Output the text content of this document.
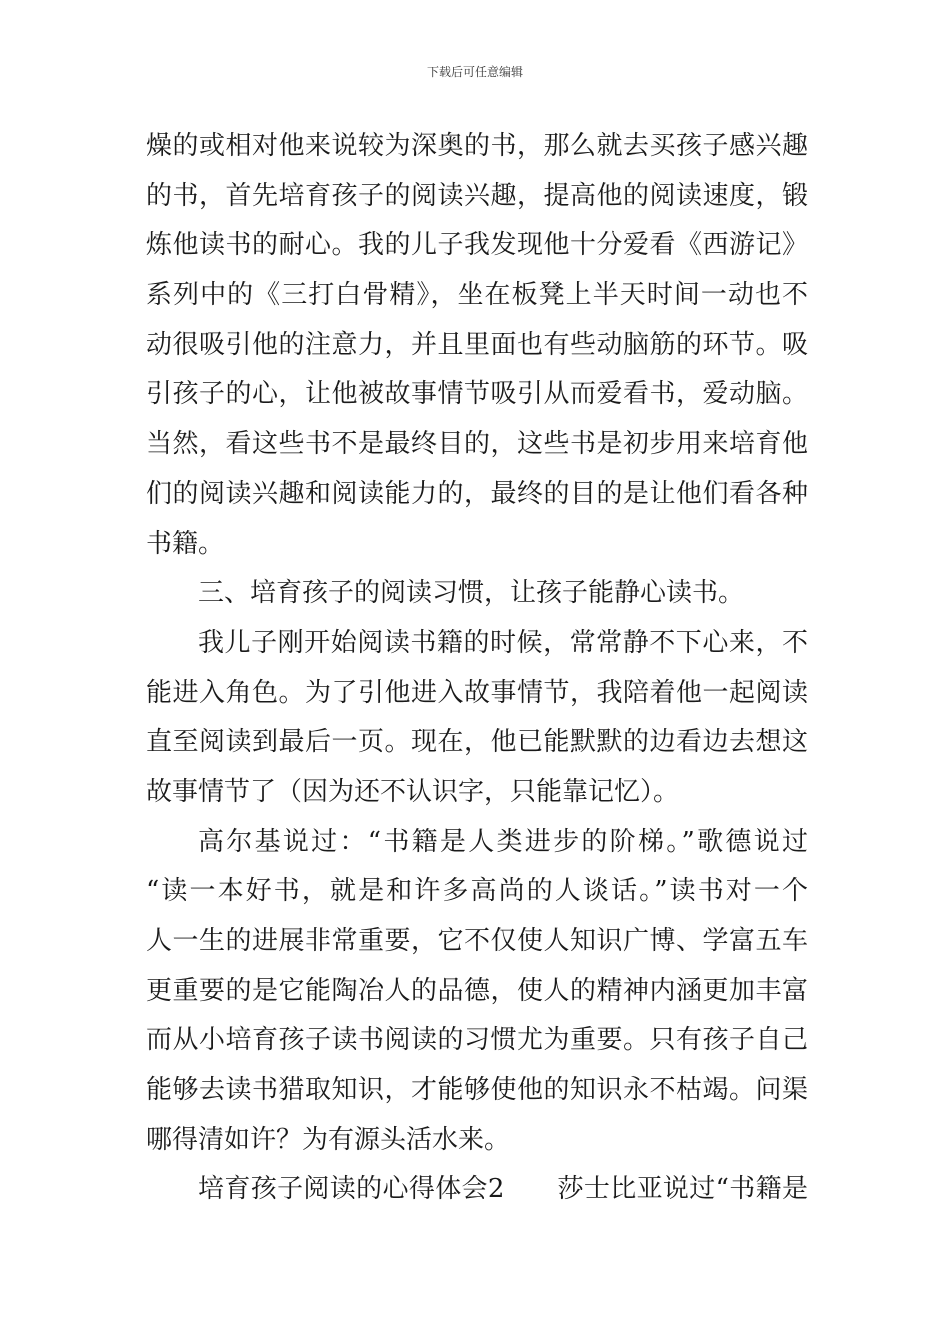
下载后可任意编辑
燥的或相对他来说较为深奥的书，那么就去买孩子感兴趣
的书，首先培育孩子的阅读兴趣，提高他的阅读速度，锻
炼他读书的耐心。我的儿子我发现他十分爱看《西游记》
系列中的《三打白骨精》，坐在板凳上半天时间一动也不
动很吸引他的注意力，并且里面也有些动脑筋的环节。吸
引孩子的心，让他被故事情节吸引从而爱看书，爱动脑。
当然，看这些书不是最终目的，这些书是初步用来培育他
们的阅读兴趣和阅读能力的，最终的目的是让他们看各种
书籍。
三、培育孩子的阅读习惯，让孩子能静心读书。
我儿子刚开始阅读书籍的时候，常常静不下心来，不
能进入角色。为了引他进入故事情节，我陪着他一起阅读
直至阅读到最后一页。现在，他已能默默的边看边去想这
故事情节了（因为还不认识字，只能靠记忆）。
高尔基说过：“书籍是人类进步的阶梯。”歌德说过
“读一本好书，就是和许多高尚的人谈话。”读书对一个
人一生的进展非常重要，它不仅使人知识广博、学富五车
更重要的是它能陶冶人的品德，使人的精神内涵更加丰富
而从小培育孩子读书阅读的习惯尤为重要。只有孩子自己
能够去读书猎取知识，才能够使他的知识永不枯竭。问渠
哪得清如许？为有源头活水来。
培育孩子阅读的心得体会2　　莎士比亚说过“书籍是
